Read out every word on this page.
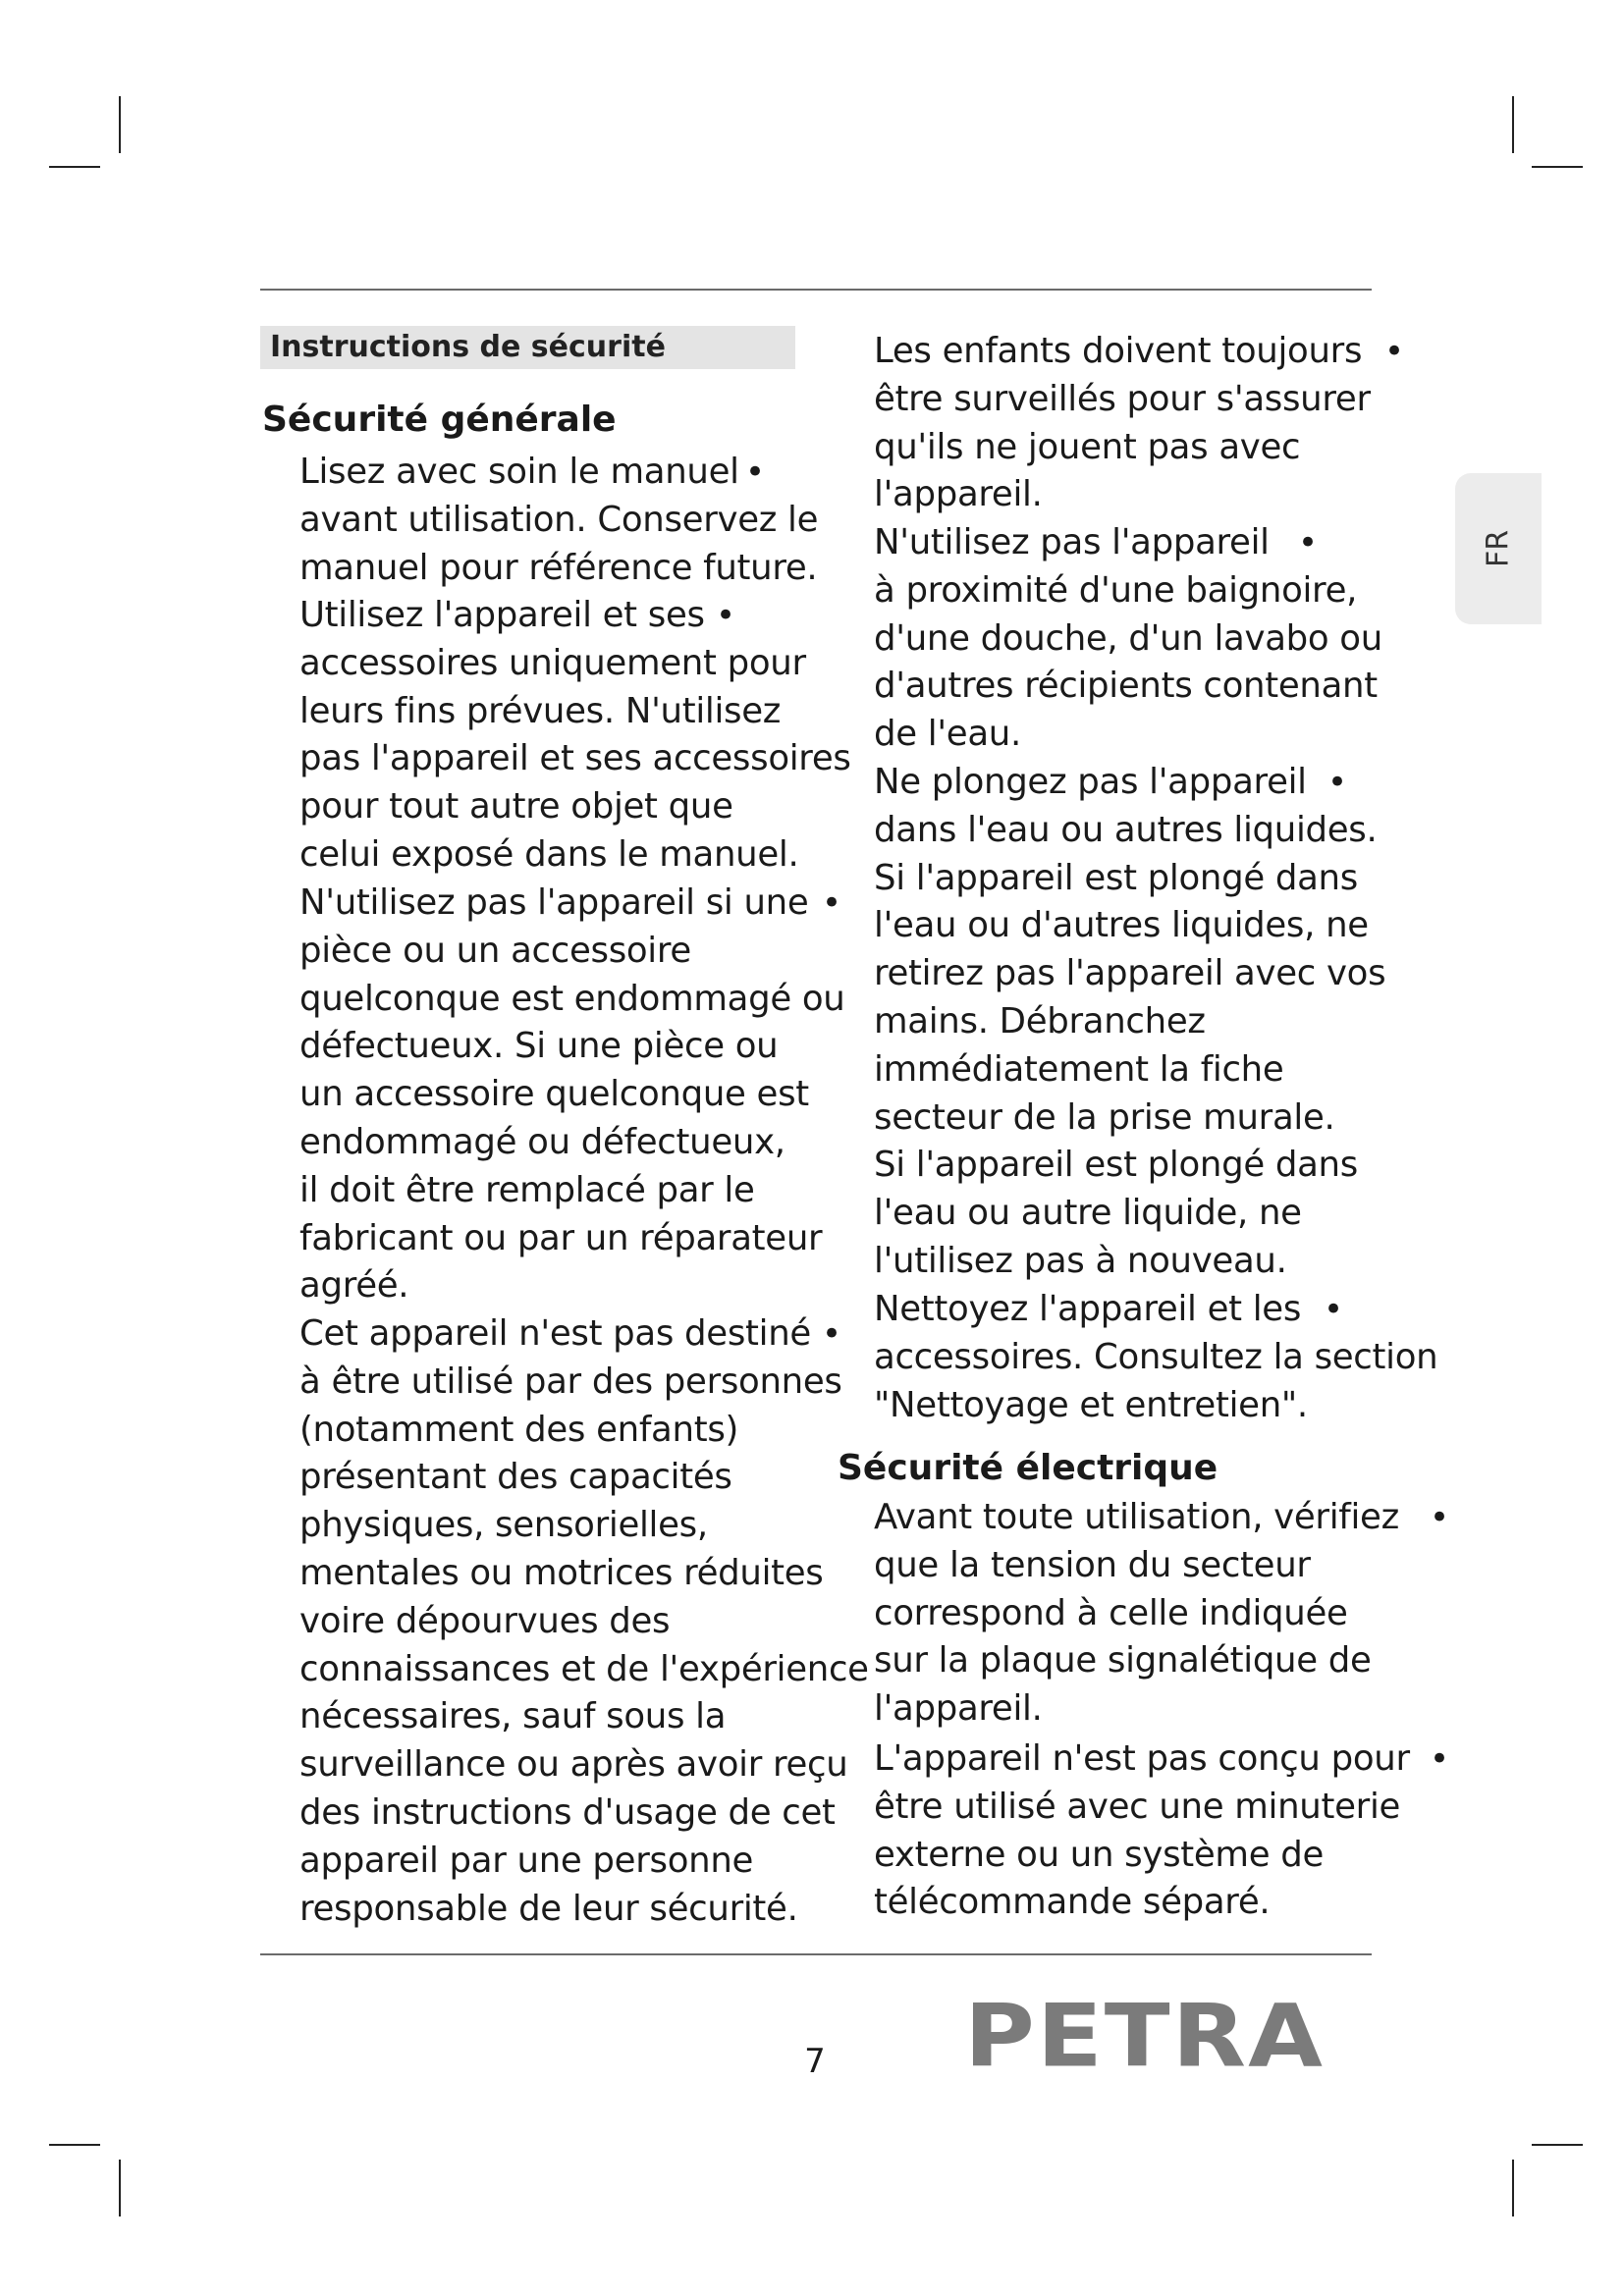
Instructions de sécurité
FR
Sécurité générale
Lisez avec soin le manuel
avant utilisation. Conservez le
manuel pour référence future.
•
Utilisez l'appareil et ses
accessoires uniquement pour
leurs fins prévues. N'utilisez
pas l'appareil et ses accessoires
pour tout autre objet que
celui exposé dans le manuel.
•
N'utilisez pas l'appareil si une
pièce ou un accessoire
quelconque est endommagé ou
défectueux. Si une pièce ou
un accessoire quelconque est
endommagé ou défectueux,
il doit être remplacé par le
fabricant ou par un réparateur
agréé.
•
Cet appareil n'est pas destiné
à être utilisé par des personnes
(notamment des enfants)
présentant des capacités
physiques, sensorielles,
mentales ou motrices réduites
voire dépourvues des
connaissances et de l'expérience
nécessaires, sauf sous la
surveillance ou après avoir reçu
des instructions d'usage de cet
appareil par une personne
responsable de leur sécurité.
•
Les enfants doivent toujours
être surveillés pour s'assurer
qu'ils ne jouent pas avec
l'appareil.
•
N'utilisez pas l'appareil
à proximité d'une baignoire,
d'une douche, d'un lavabo ou
d'autres récipients contenant
de l'eau.
•
Ne plongez pas l'appareil
dans l'eau ou autres liquides.
Si l'appareil est plongé dans
l'eau ou d'autres liquides, ne
retirez pas l'appareil avec vos
mains. Débranchez
immédiatement la fiche
secteur de la prise murale.
Si l'appareil est plongé dans
l'eau ou autre liquide, ne
l'utilisez pas à nouveau.
•
Nettoyez l'appareil et les
accessoires. Consultez la section
"Nettoyage et entretien".
•
Sécurité électrique
Avant toute utilisation, vérifiez
que la tension du secteur
correspond à celle indiquée
sur la plaque signalétique de
l'appareil.
•
L'appareil n'est pas conçu pour
être utilisé avec une minuterie
externe ou un système de
télécommande séparé.
•
7 PETRA
